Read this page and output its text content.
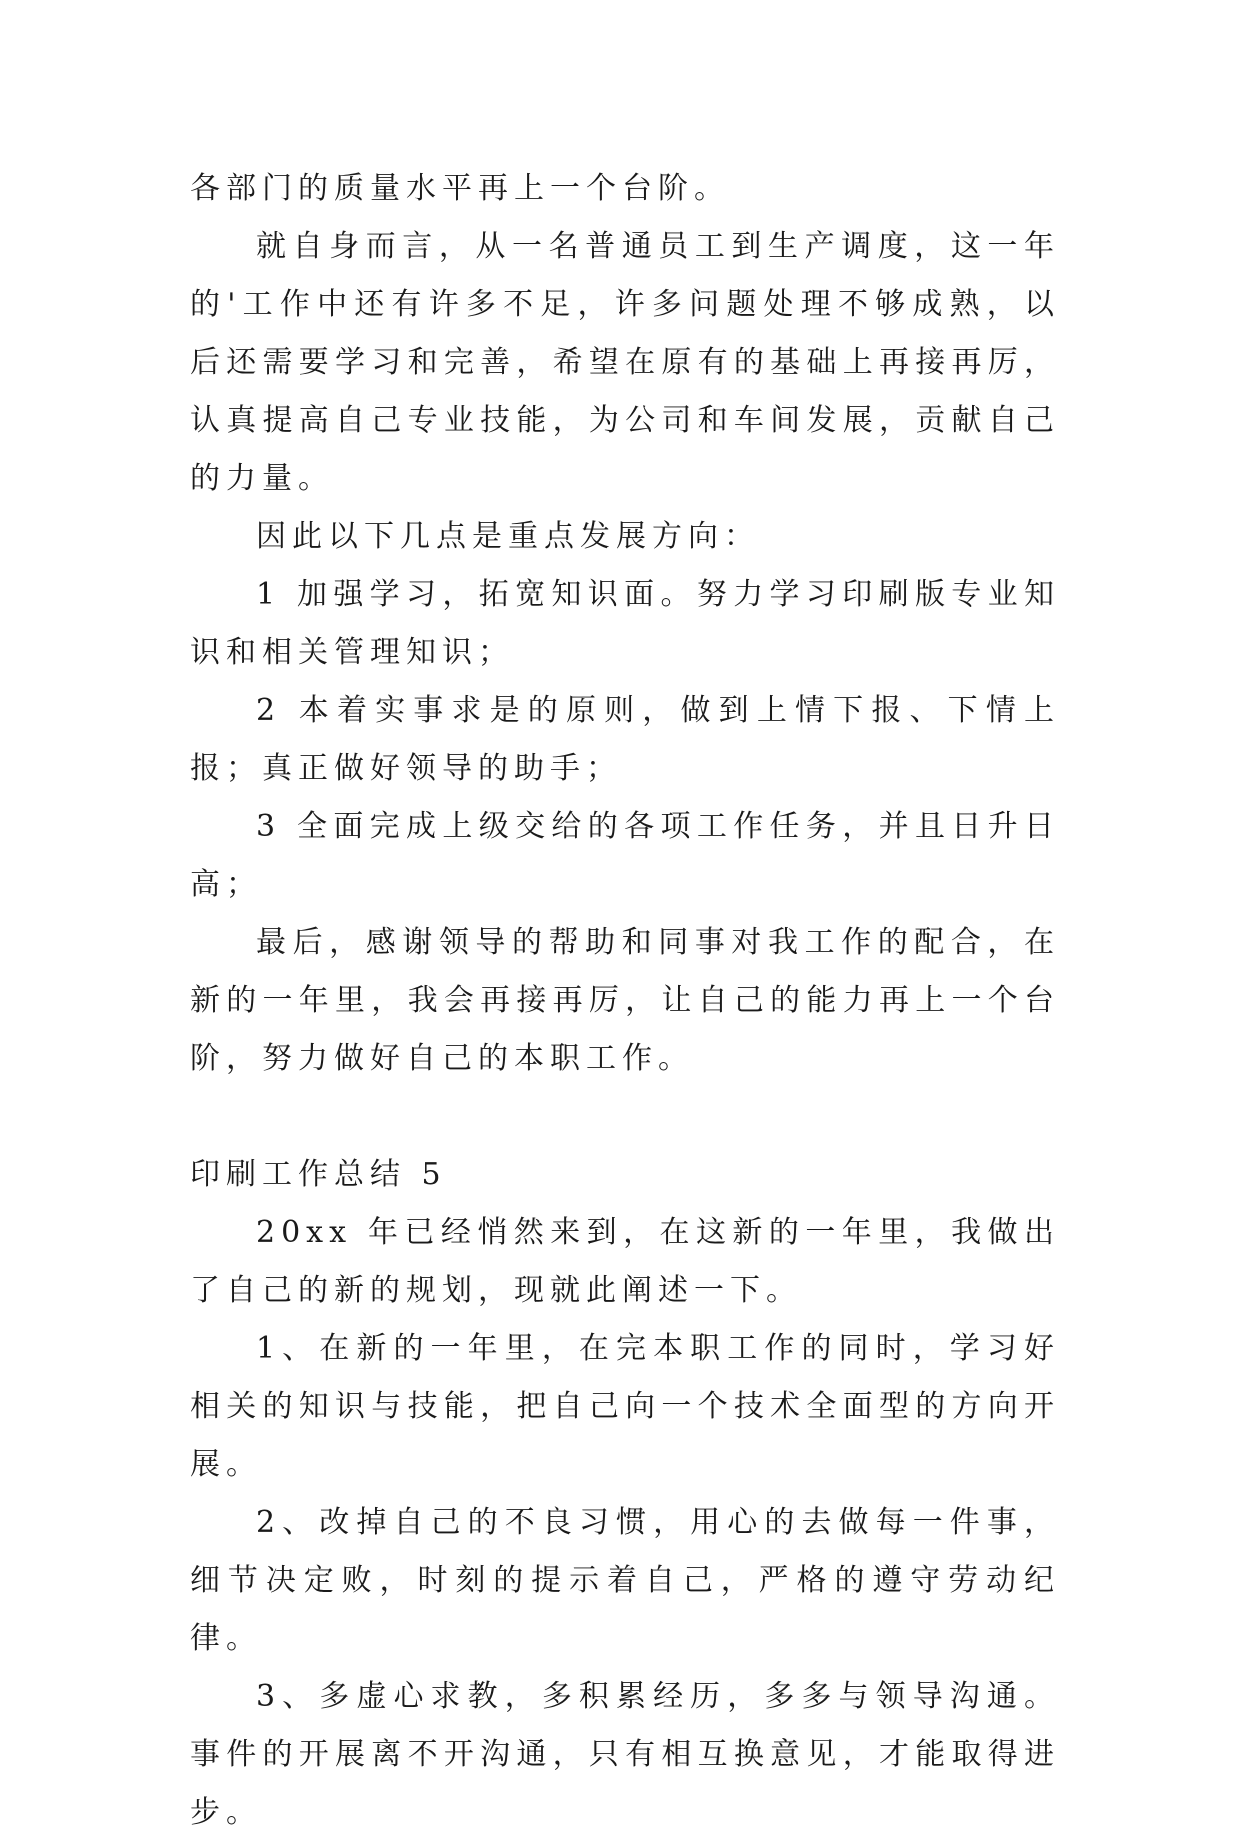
各部门的质量水平再上一个台阶。

就自身而言，从一名普通员工到生产调度，这一年的'工作中还有许多不足，许多问题处理不够成熟，以后还需要学习和完善，希望在原有的基础上再接再厉，认真提高自己专业技能，为公司和车间发展，贡献自己的力量。

因此以下几点是重点发展方向：

1 加强学习，拓宽知识面。努力学习印刷版专业知识和相关管理知识；

2 本着实事求是的原则，做到上情下报、下情上报；真正做好领导的助手；

3 全面完成上级交给的各项工作任务，并且日升日高；

最后，感谢领导的帮助和同事对我工作的配合，在新的一年里，我会再接再厉，让自己的能力再上一个台阶，努力做好自己的本职工作。

印刷工作总结 5

20xx 年已经悄然来到，在这新的一年里，我做出了自己的新的规划，现就此阐述一下。

1、在新的一年里，在完本职工作的同时，学习好相关的知识与技能，把自己向一个技术全面型的方向开展。

2、改掉自己的不良习惯，用心的去做每一件事，细节决定败，时刻的提示着自己，严格的遵守劳动纪律。

3、多虚心求教，多积累经历，多多与领导沟通。事件的开展离不开沟通，只有相互换意见，才能取得进步。
